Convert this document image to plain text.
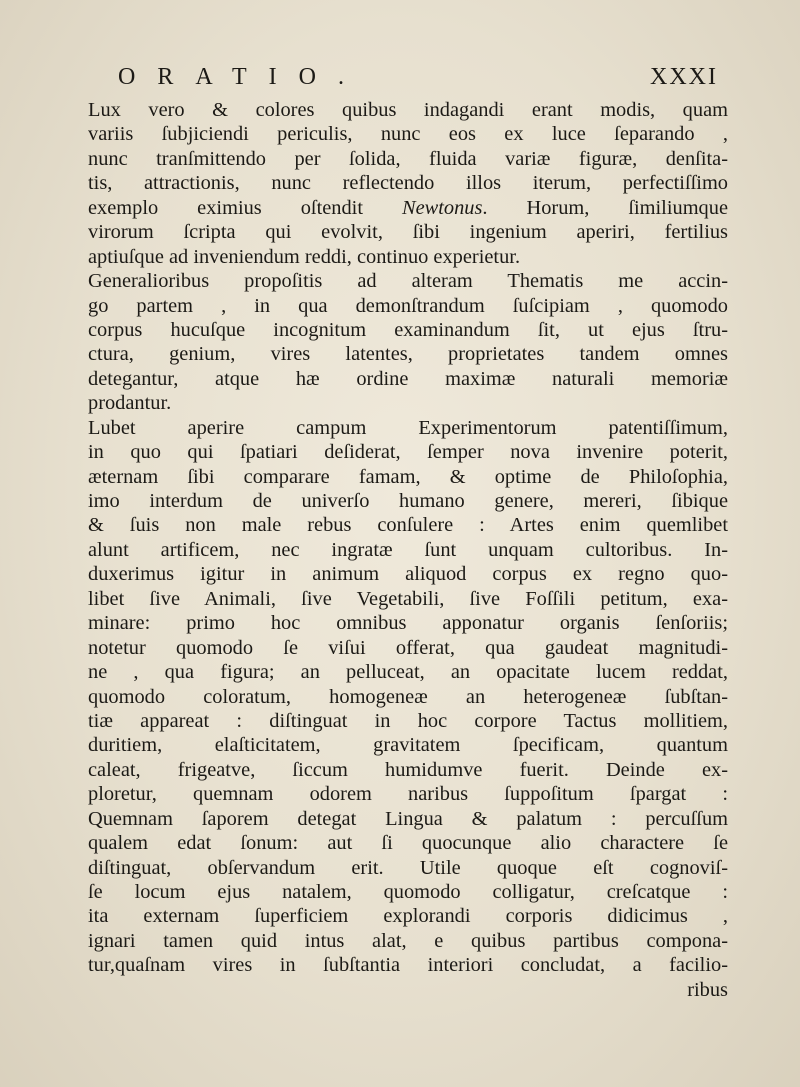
ORATIO.	XXXI
Lux vero & colores quibus indagandi erant modis, quam
variis ſubjiciendi periculis, nunc eos ex luce ſeparando ,
nunc tranſmittendo per ſolida, fluida variæ figuræ, denſita-
tis, attractionis, nunc reflectendo illos iterum, perfectiſſimo
exemplo eximius oſtendit Newtonus. Horum, ſimiliumque
virorum ſcripta qui evolvit, ſibi ingenium aperiri, fertilius
aptiuſque ad inveniendum reddi, continuo experietur.
Generalioribus propoſitis ad alteram Thematis me accin-
go partem , in qua demonſtrandum ſuſcipiam , quomodo
corpus hucuſque incognitum examinandum ſit, ut ejus ſtru-
ctura, genium, vires latentes, proprietates tandem omnes
detegantur, atque hæ ordine maximæ naturali memoriæ
prodantur.
Lubet aperire campum Experimentorum patentiſſimum,
in quo qui ſpatiari deſiderat, ſemper nova invenire poterit,
æternam ſibi comparare famam, & optime de Philoſophia,
imo interdum de univerſo humano genere, mereri, ſibique
& ſuis non male rebus conſulere : Artes enim quemlibet
alunt artificem, nec ingratæ ſunt unquam cultoribus. In-
duxerimus igitur in animum aliquod corpus ex regno quo-
libet ſive Animali, ſive Vegetabili, ſive Foſſili petitum, exa-
minare: primo hoc omnibus apponatur organis ſenſoriis;
notetur quomodo ſe viſui offerat, qua gaudeat magnitudi-
ne , qua figura; an pelluceat, an opacitate lucem reddat,
quomodo coloratum, homogeneæ an heterogeneæ ſubſtan-
tiæ appareat : diſtinguat in hoc corpore Tactus mollitiem,
duritiem, elaſticitatem, gravitatem ſpecificam, quantum
caleat, frigeatve, ſiccum humidumve fuerit. Deinde ex-
ploretur, quemnam odorem naribus ſuppoſitum ſpargat :
Quemnam ſaporem detegat Lingua & palatum : percuſſum
qualem edat ſonum: aut ſi quocunque alio charactere ſe
diſtinguat, obſervandum erit. Utile quoque eſt cognoviſ-
ſe locum ejus natalem, quomodo colligatur, creſcatque :
ita externam ſuperficiem explorandi corporis didicimus ,
ignari tamen quid intus alat, e quibus partibus compona-
tur,quaſnam vires in ſubſtantia interiori concludat, a facilio-
ribus
